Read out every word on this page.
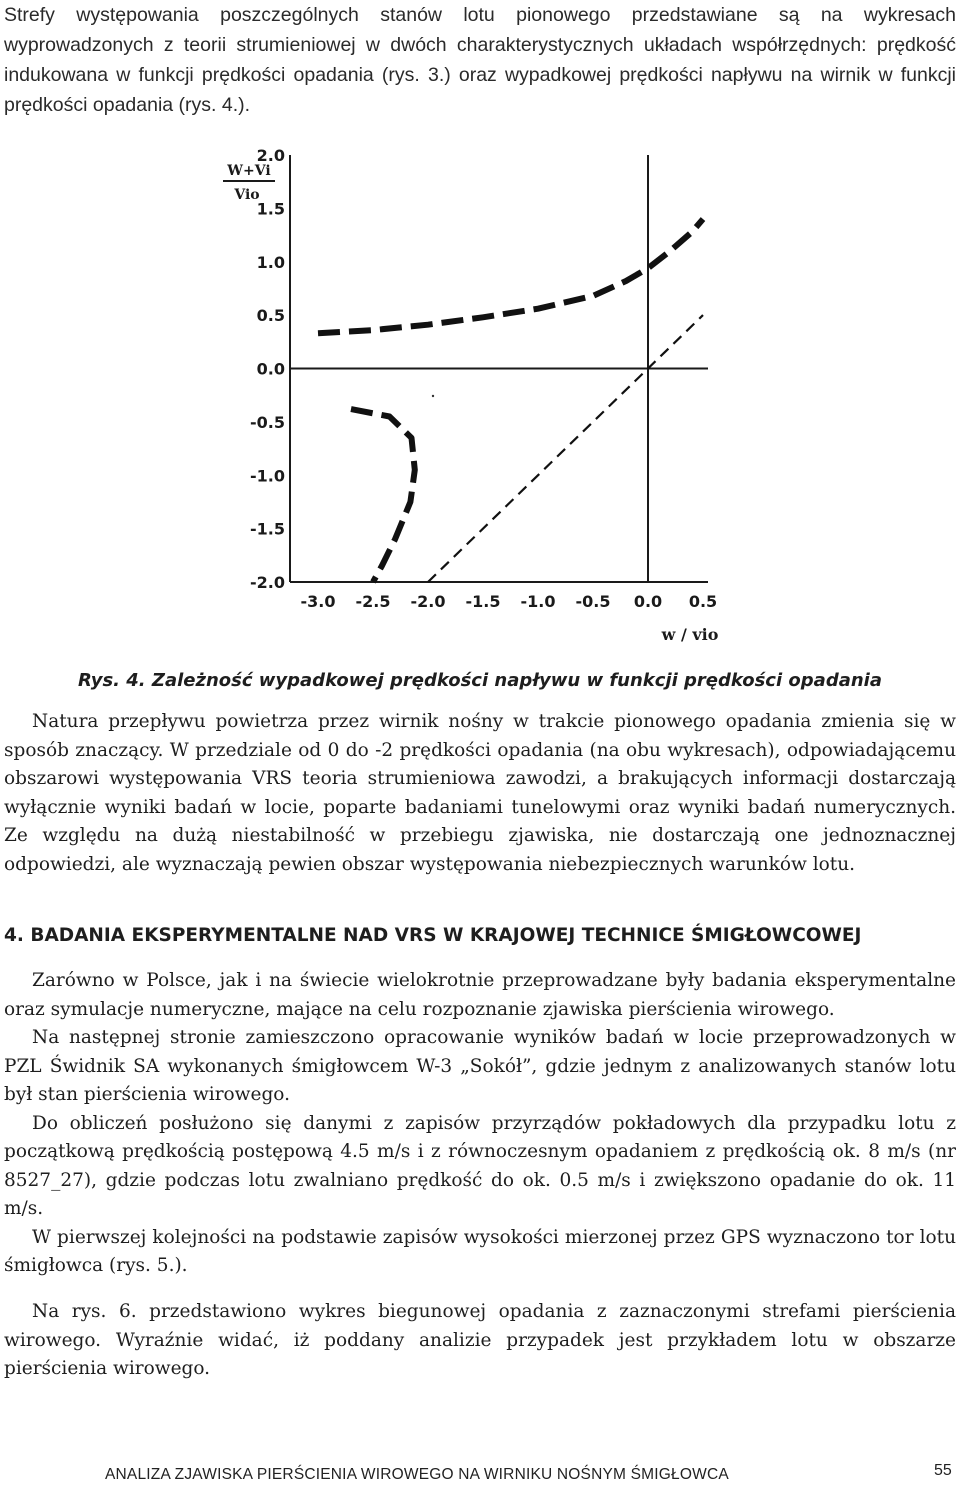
Strefy występowania poszczególnych stanów lotu pionowego przedstawiane są na wykresach wyprowadzonych z teorii strumieniowej w dwóch charakterystycznych układach współrzędnych: prędkość indukowana w funkcji prędkości opadania (rys. 3.) oraz wypadkowej prędkości napływu na wirnik w funkcji prędkości opadania (rys. 4.).

W+Vi
Vio
2.0
1.5
1.0
0.5
0.0
-0.5
-1.0
-1.5
-2.0
-3.0 -2.5 -2.0 -1.5 -1.0 -0.5 0.0 0.5
w / vio

Rys. 4. Zależność wypadkowej prędkości napływu w funkcji prędkości opadania

Natura przepływu powietrza przez wirnik nośny w trakcie pionowego opadania zmienia się w sposób znaczący. W przedziale od 0 do -2 prędkości opadania (na obu wykresach), odpowiadającemu obszarowi występowania VRS teoria strumieniowa zawodzi, a brakujących informacji dostarczają wyłącznie wyniki badań w locie, poparte badaniami tunelowymi oraz wyniki badań numerycznych. Ze względu na dużą niestabilność w przebiegu zjawiska, nie dostarczają one jednoznacznej odpowiedzi, ale wyznaczają pewien obszar występowania niebezpiecznych warunków lotu.

4. BADANIA EKSPERYMENTALNE NAD VRS W KRAJOWEJ TECHNICE ŚMIGŁOWCOWEJ

Zarówno w Polsce, jak i na świecie wielokrotnie przeprowadzane były badania eksperymentalne oraz symulacje numeryczne, mające na celu rozpoznanie zjawiska pierścienia wirowego.

Na następnej stronie zamieszczono opracowanie wyników badań w locie przeprowadzonych w PZL Świdnik SA wykonanych śmigłowcem W-3 „Sokół”, gdzie jednym z analizowanych stanów lotu był stan pierścienia wirowego.

Do obliczeń posłużono się danymi z zapisów przyrządów pokładowych dla przypadku lotu z początkową prędkością postępową 4.5 m/s i z równoczesnym opadaniem z prędkością ok. 8 m/s (nr 8527_27), gdzie podczas lotu zwalniano prędkość do ok. 0.5 m/s i zwiększono opadanie do ok. 11 m/s.

W pierwszej kolejności na podstawie zapisów wysokości mierzonej przez GPS wyznaczono tor lotu śmigłowca (rys. 5.).

Na rys. 6. przedstawiono wykres biegunowej opadania z zaznaczonymi strefami pierścienia wirowego. Wyraźnie widać, iż poddany analizie przypadek jest przykładem lotu w obszarze pierścienia wirowego.

ANALIZA ZJAWISKA PIERŚCIENIA WIROWEGO NA WIRNIKU NOŚNYM ŚMIGŁOWCA	55
